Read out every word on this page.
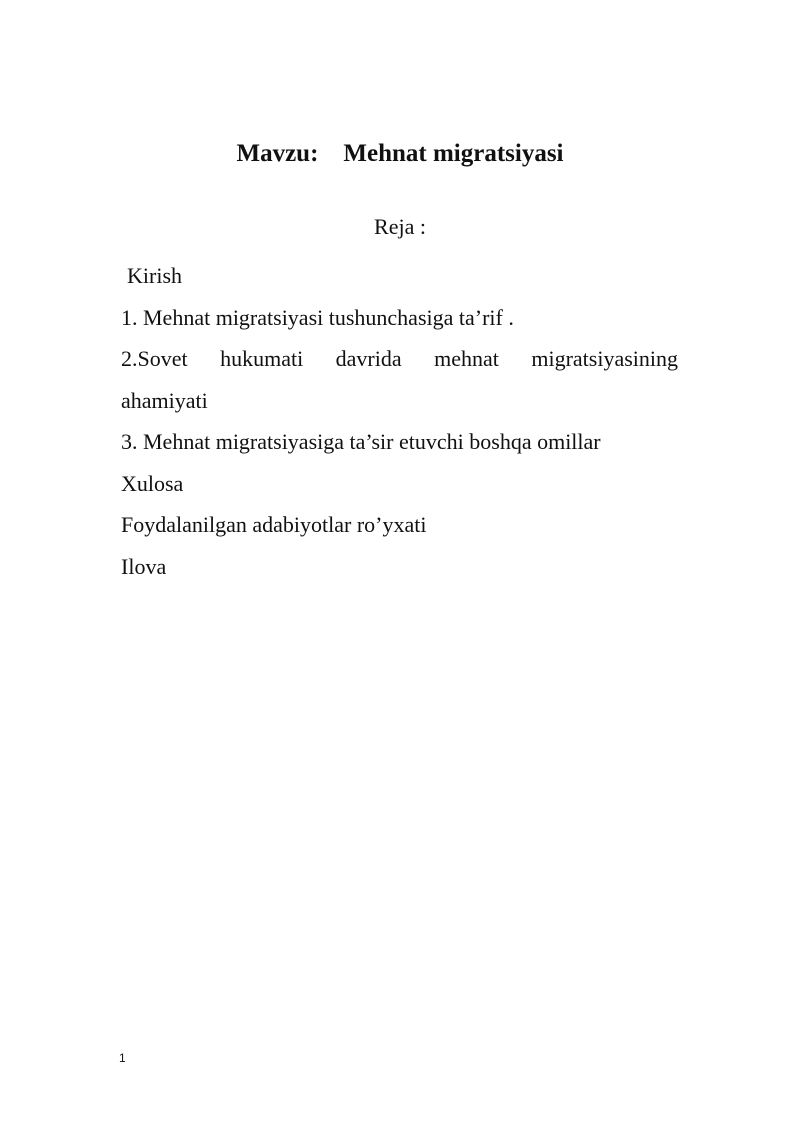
Mavzu:    Mehnat migratsiyasi
Reja :
Kirish
1. Mehnat migratsiyasi tushunchasiga ta’rif .
2.Sovet hukumati davrida mehnat migratsiyasining
ahamiyati
3. Mehnat migratsiyasiga ta’sir etuvchi boshqa omillar
Xulosa
Foydalanilgan adabiyotlar ro’yxati
Ilova
1
